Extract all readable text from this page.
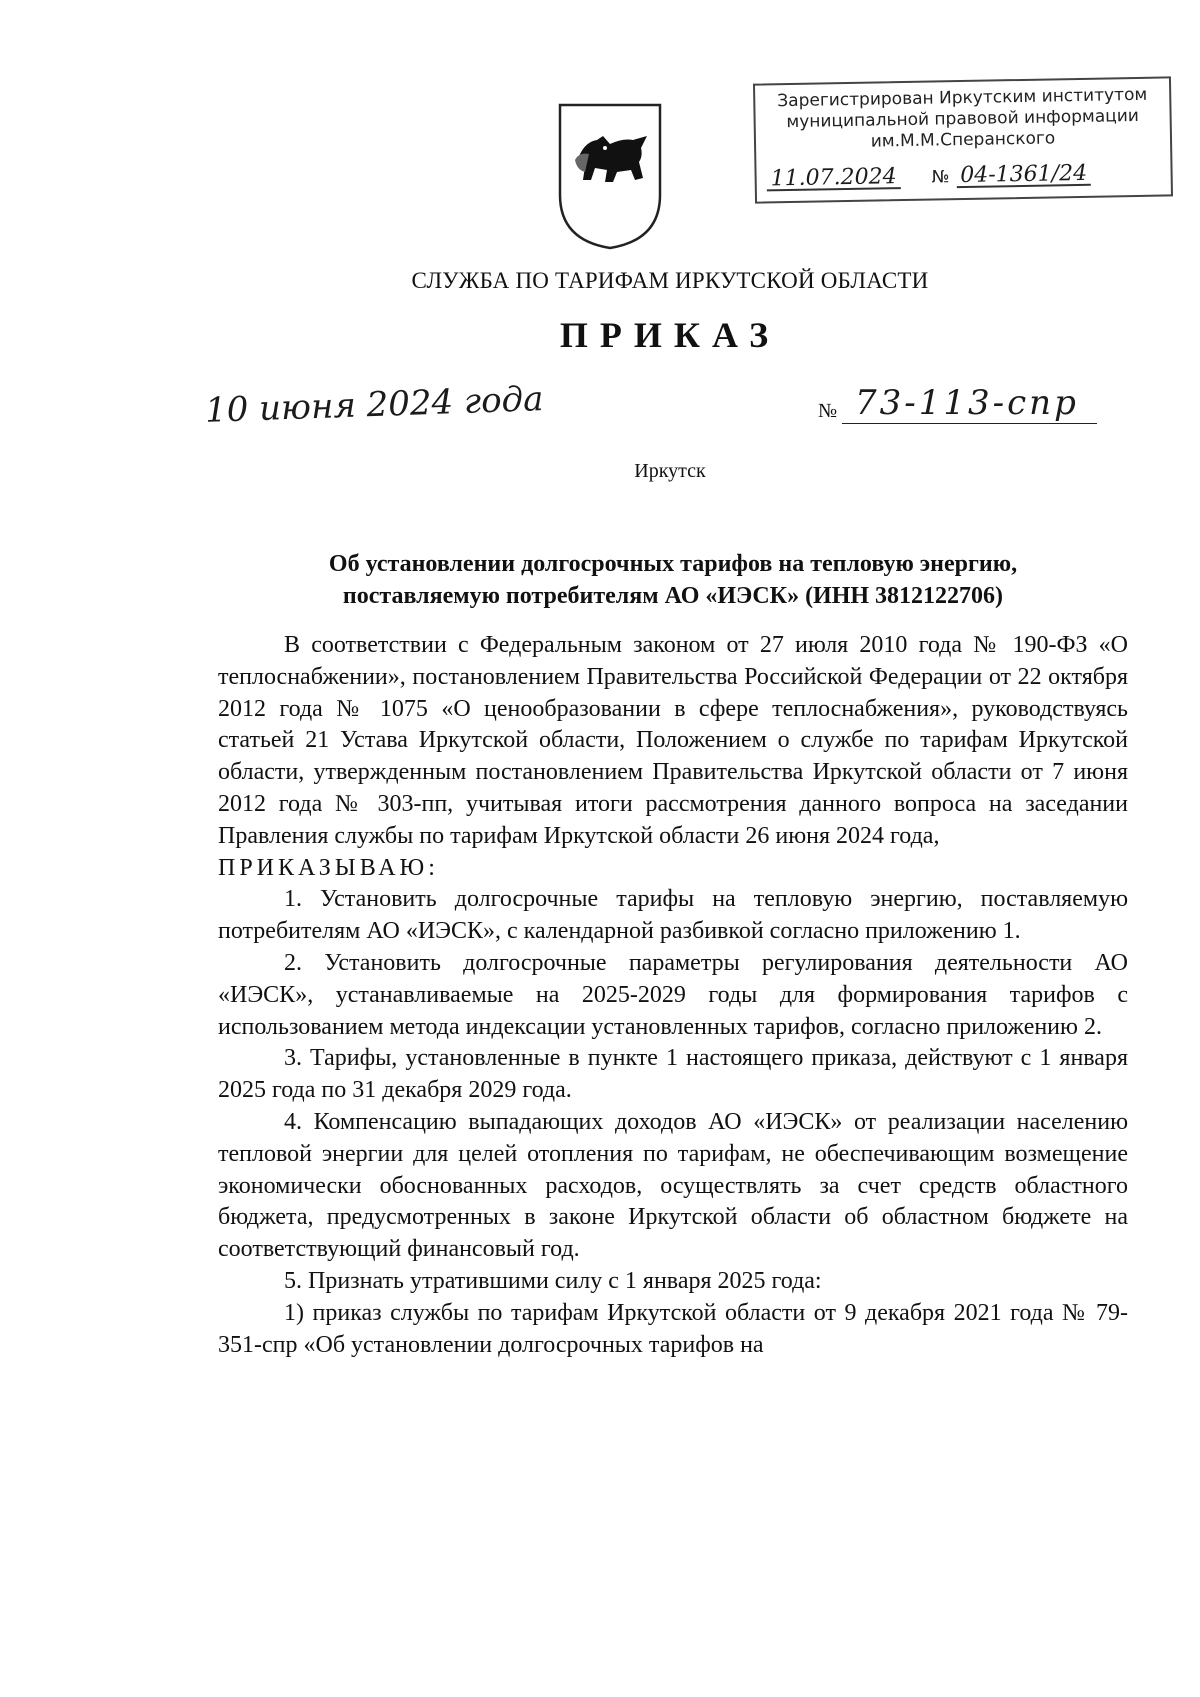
Зарегистрирован Иркутским институтом
муниципальной правовой информации
им.М.М.Сперанского
11.07.2024 № 04-1361/24
СЛУЖБА ПО ТАРИФАМ ИРКУТСКОЙ ОБЛАСТИ
ПРИКАЗ
10 июня 2024 года	№ 73-113-спр
Иркутск
Об установлении долгосрочных тарифов на тепловую энергию,
поставляемую потребителям АО «ИЭСК» (ИНН 3812122706)

В соответствии с Федеральным законом от 27 июля 2010 года № 190-ФЗ «О теплоснабжении», постановлением Правительства Российской Федерации от 22 октября 2012 года № 1075 «О ценообразовании в сфере теплоснабжения», руководствуясь статьей 21 Устава Иркутской области, Положением о службе по тарифам Иркутской области, утвержденным постановлением Правительства Иркутской области от 7 июня 2012 года № 303-пп, учитывая итоги рассмотрения данного вопроса на заседании Правления службы по тарифам Иркутской области 26 июня 2024 года,

ПРИКАЗЫВАЮ:

1. Установить долгосрочные тарифы на тепловую энергию, поставляемую потребителям АО «ИЭСК», с календарной разбивкой согласно приложению 1.

2. Установить долгосрочные параметры регулирования деятельности АО «ИЭСК», устанавливаемые на 2025-2029 годы для формирования тарифов с использованием метода индексации установленных тарифов, согласно приложению 2.

3. Тарифы, установленные в пункте 1 настоящего приказа, действуют с 1 января 2025 года по 31 декабря 2029 года.

4. Компенсацию выпадающих доходов АО «ИЭСК» от реализации населению тепловой энергии для целей отопления по тарифам, не обеспечивающим возмещение экономически обоснованных расходов, осуществлять за счет средств областного бюджета, предусмотренных в законе Иркутской области об областном бюджете на соответствующий финансовый год.

5. Признать утратившими силу с 1 января 2025 года:

1) приказ службы по тарифам Иркутской области от 9 декабря 2021 года № 79-351-спр «Об установлении долгосрочных тарифов на
